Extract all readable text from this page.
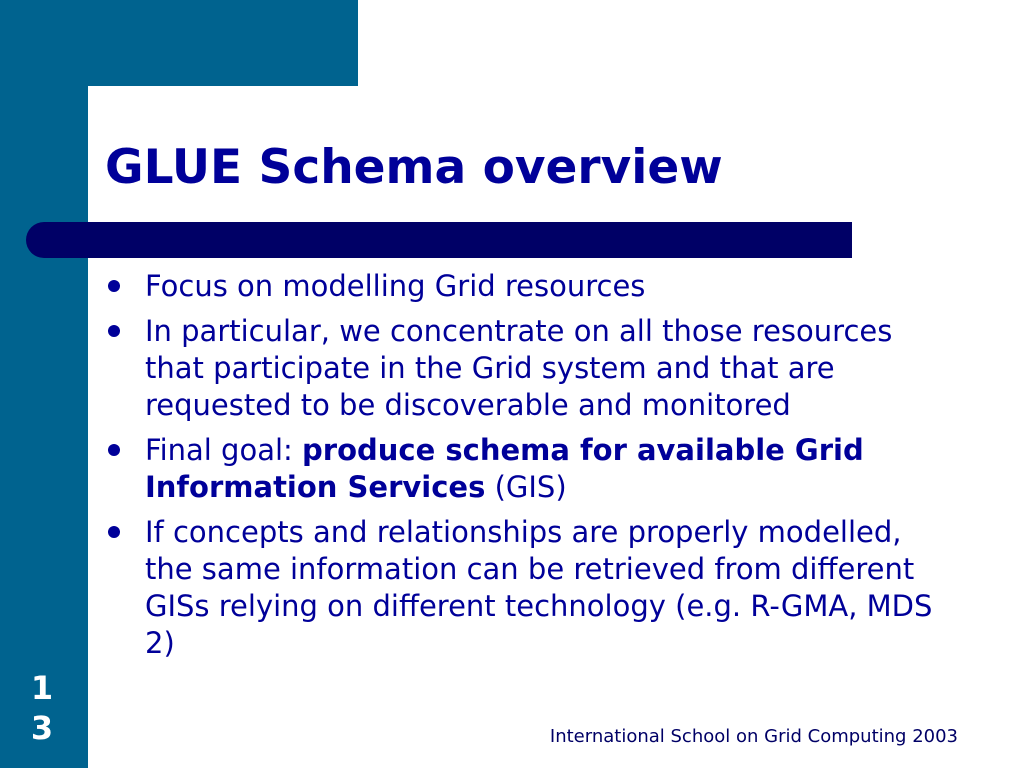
GLUE Schema overview
Focus on modelling Grid resources
In particular, we concentrate on all those resources that participate in the Grid system and that are requested to be discoverable and monitored
Final goal: produce schema for available Grid Information Services (GIS)
If concepts and relationships are properly modelled, the same information can be retrieved from different GISs relying on different technology (e.g. R-GMA, MDS 2)
1
3	International School on Grid Computing 2003
